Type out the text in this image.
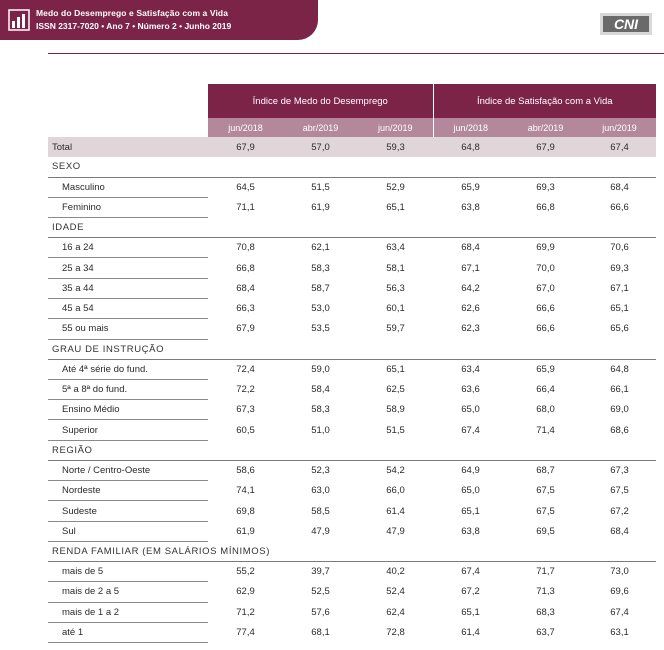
Medo do Desemprego e Satisfação com a Vida
ISSN 2317-7020 • Ano 7 • Número 2 • Junho 2019	CNI
	Índice de Medo do Desemprego			Índice de Satisfação com a Vida		
	jun/2018	abr/2019	jun/2019	jun/2018	abr/2019	jun/2019
Total	67,9	57,0	59,3	64,8	67,9	67,4
SEXO						
Masculino	64,5	51,5	52,9	65,9	69,3	68,4
Feminino	71,1	61,9	65,1	63,8	66,8	66,6
IDADE						
16 a 24	70,8	62,1	63,4	68,4	69,9	70,6
25 a 34	66,8	58,3	58,1	67,1	70,0	69,3
35 a 44	68,4	58,7	56,3	64,2	67,0	67,1
45 a 54	66,3	53,0	60,1	62,6	66,6	65,1
55 ou mais	67,9	53,5	59,7	62,3	66,6	65,6
GRAU DE INSTRUÇÃO						
Até 4ª série do fund.	72,4	59,0	65,1	63,4	65,9	64,8
5ª a 8ª do fund.	72,2	58,4	62,5	63,6	66,4	66,1
Ensino Médio	67,3	58,3	58,9	65,0	68,0	69,0
Superior	60,5	51,0	51,5	67,4	71,4	68,6
REGIÃO						
Norte / Centro-Oeste	58,6	52,3	54,2	64,9	68,7	67,3
Nordeste	74,1	63,0	66,0	65,0	67,5	67,5
Sudeste	69,8	58,5	61,4	65,1	67,5	67,2
Sul	61,9	47,9	47,9	63,8	69,5	68,4
RENDA FAMILIAR (EM SALÁRIOS MÍNIMOS)						
mais de 5	55,2	39,7	40,2	67,4	71,7	73,0
mais de 2 a 5	62,9	52,5	52,4	67,2	71,3	69,6
mais de 1 a 2	71,2	57,6	62,4	65,1	68,3	67,4
até 1	77,4	68,1	72,8	61,4	63,7	63,1
